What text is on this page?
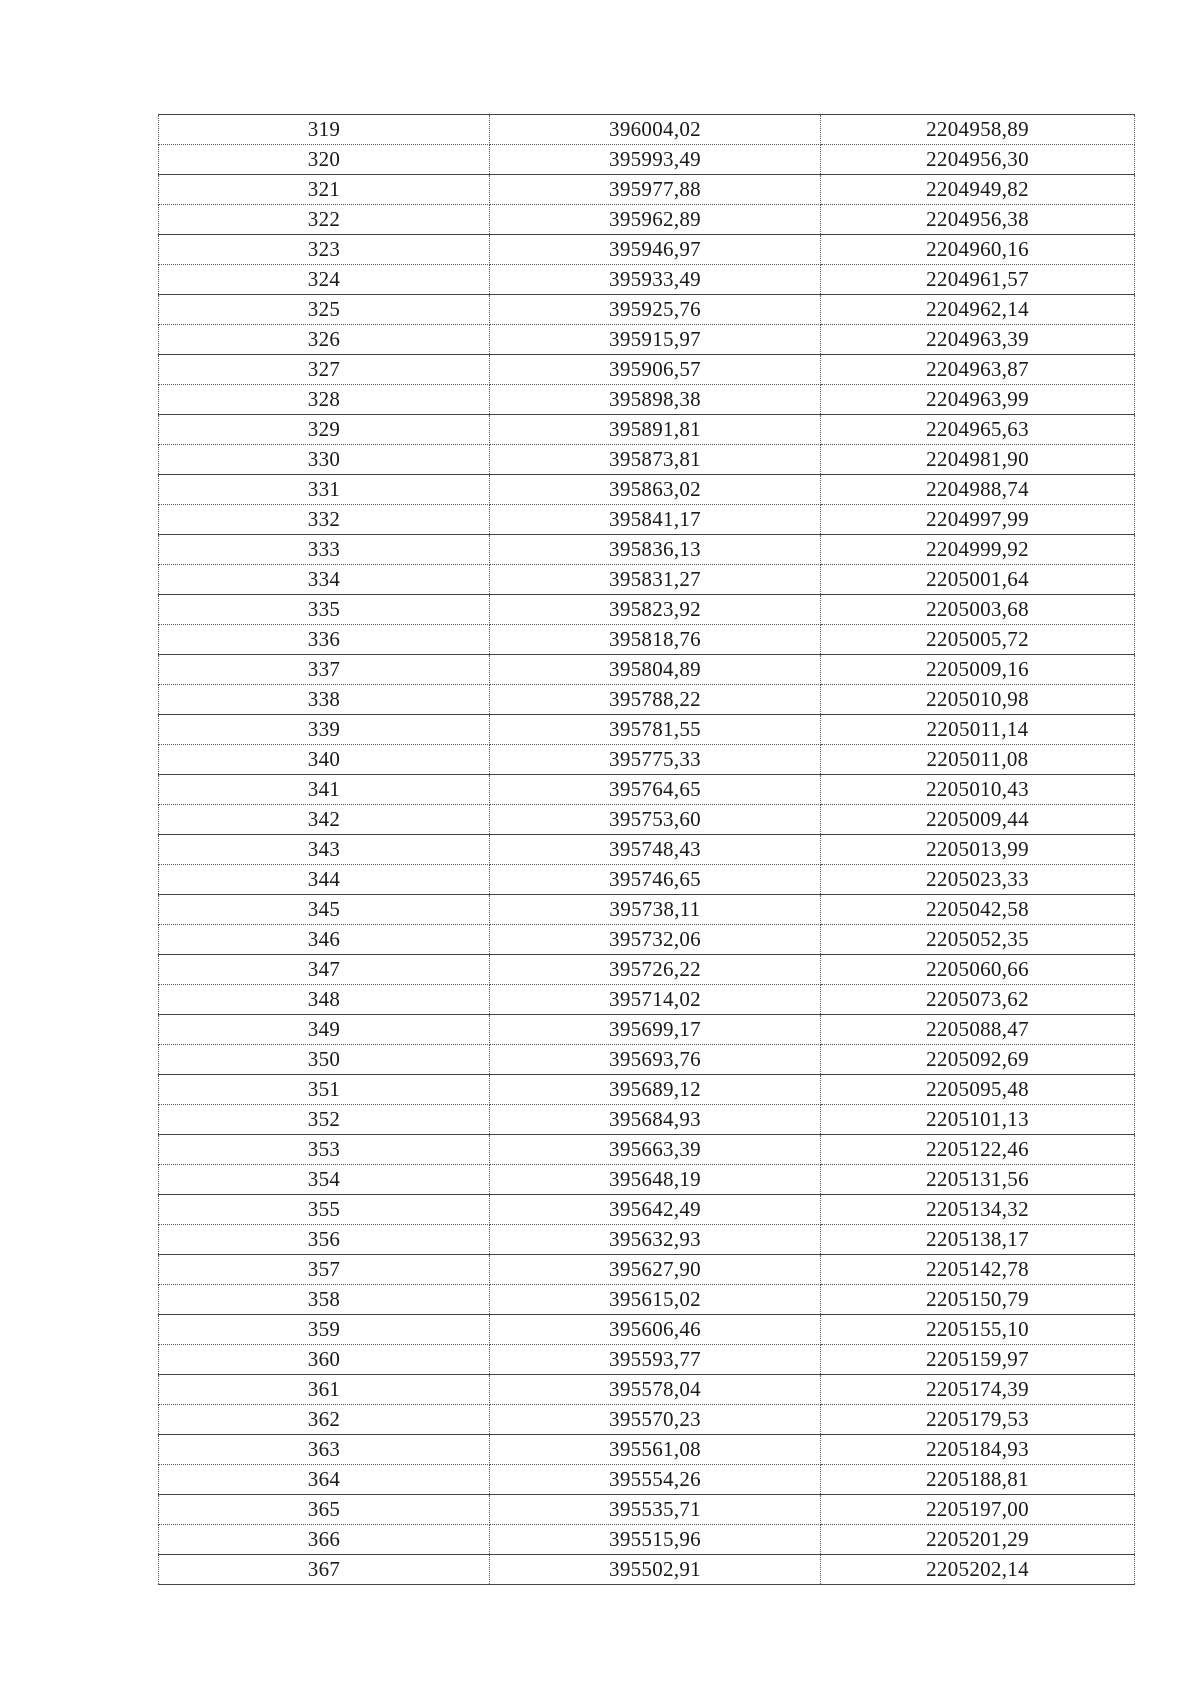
319	396004,02	2204958,89
320	395993,49	2204956,30
321	395977,88	2204949,82
322	395962,89	2204956,38
323	395946,97	2204960,16
324	395933,49	2204961,57
325	395925,76	2204962,14
326	395915,97	2204963,39
327	395906,57	2204963,87
328	395898,38	2204963,99
329	395891,81	2204965,63
330	395873,81	2204981,90
331	395863,02	2204988,74
332	395841,17	2204997,99
333	395836,13	2204999,92
334	395831,27	2205001,64
335	395823,92	2205003,68
336	395818,76	2205005,72
337	395804,89	2205009,16
338	395788,22	2205010,98
339	395781,55	2205011,14
340	395775,33	2205011,08
341	395764,65	2205010,43
342	395753,60	2205009,44
343	395748,43	2205013,99
344	395746,65	2205023,33
345	395738,11	2205042,58
346	395732,06	2205052,35
347	395726,22	2205060,66
348	395714,02	2205073,62
349	395699,17	2205088,47
350	395693,76	2205092,69
351	395689,12	2205095,48
352	395684,93	2205101,13
353	395663,39	2205122,46
354	395648,19	2205131,56
355	395642,49	2205134,32
356	395632,93	2205138,17
357	395627,90	2205142,78
358	395615,02	2205150,79
359	395606,46	2205155,10
360	395593,77	2205159,97
361	395578,04	2205174,39
362	395570,23	2205179,53
363	395561,08	2205184,93
364	395554,26	2205188,81
365	395535,71	2205197,00
366	395515,96	2205201,29
367	395502,91	2205202,14
